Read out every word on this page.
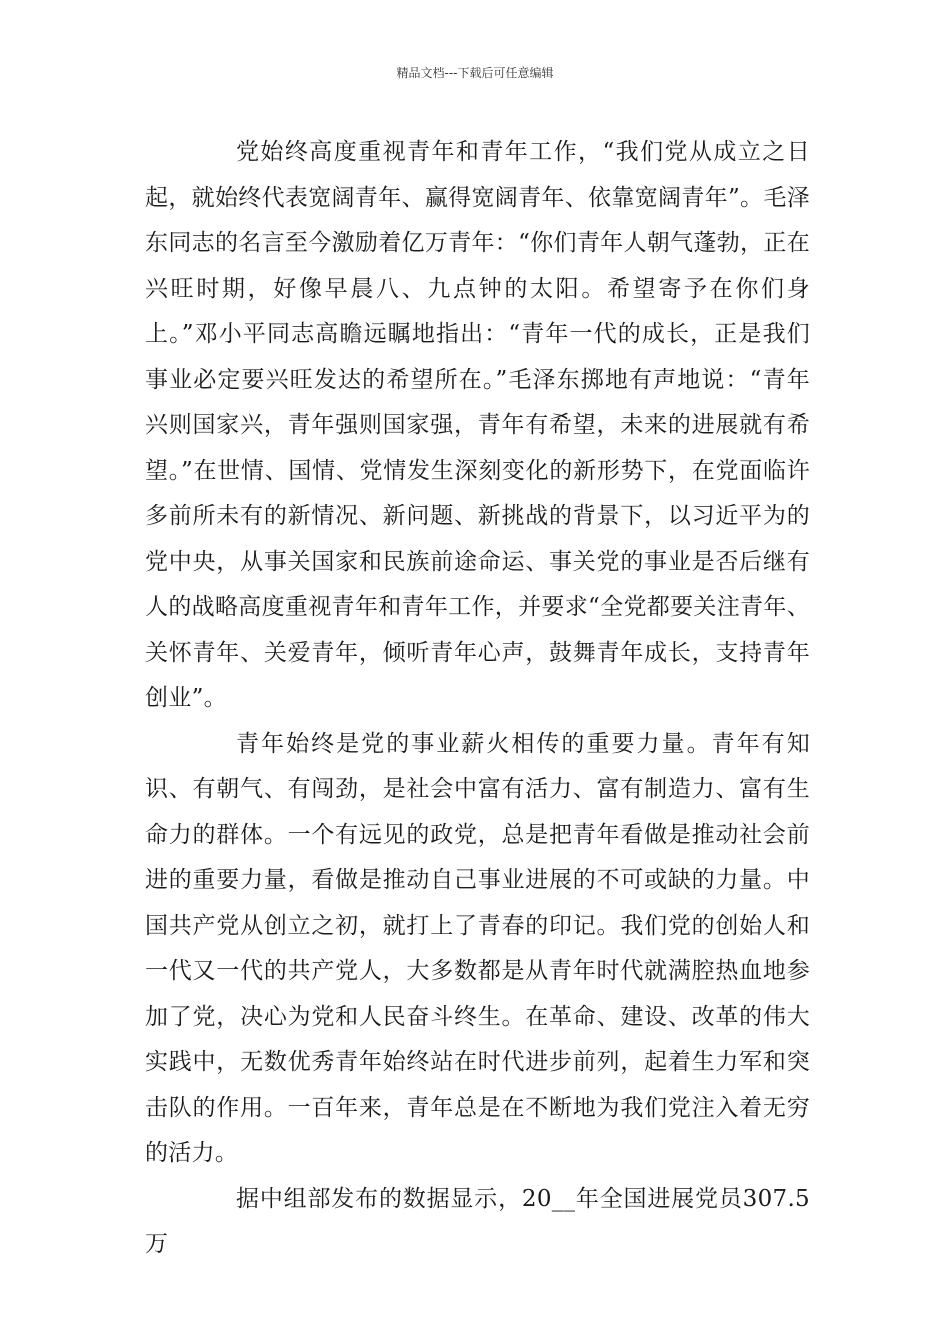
精品文档---下载后可任意编辑

党始终高度重视青年和青年工作，“我们党从成立之日起，就始终代表宽阔青年、赢得宽阔青年、依靠宽阔青年”。毛泽东同志的名言至今激励着亿万青年：“你们青年人朝气蓬勃，正在兴旺时期，好像早晨八、九点钟的太阳。希望寄予在你们身上。”邓小平同志高瞻远瞩地指出：“青年一代的成长，正是我们事业必定要兴旺发达的希望所在。”毛泽东掷地有声地说：“青年兴则国家兴，青年强则国家强，青年有希望，未来的进展就有希望。”在世情、国情、党情发生深刻变化的新形势下，在党面临许多前所未有的新情况、新问题、新挑战的背景下，以习近平为的党中央，从事关国家和民族前途命运、事关党的事业是否后继有人的战略高度重视青年和青年工作，并要求“全党都要关注青年、关怀青年、关爱青年，倾听青年心声，鼓舞青年成长，支持青年创业”。

青年始终是党的事业薪火相传的重要力量。青年有知识、有朝气、有闯劲，是社会中富有活力、富有制造力、富有生命力的群体。一个有远见的政党，总是把青年看做是推动社会前进的重要力量，看做是推动自己事业进展的不可或缺的力量。中国共产党从创立之初，就打上了青春的印记。我们党的创始人和一代又一代的共产党人，大多数都是从青年时代就满腔热血地参加了党，决心为党和人民奋斗终生。在革命、建设、改革的伟大实践中，无数优秀青年始终站在时代进步前列，起着生力军和突击队的作用。一百年来，青年总是在不断地为我们党注入着无穷的活力。

据中组部发布的数据显示，20__年全国进展党员307.5万
